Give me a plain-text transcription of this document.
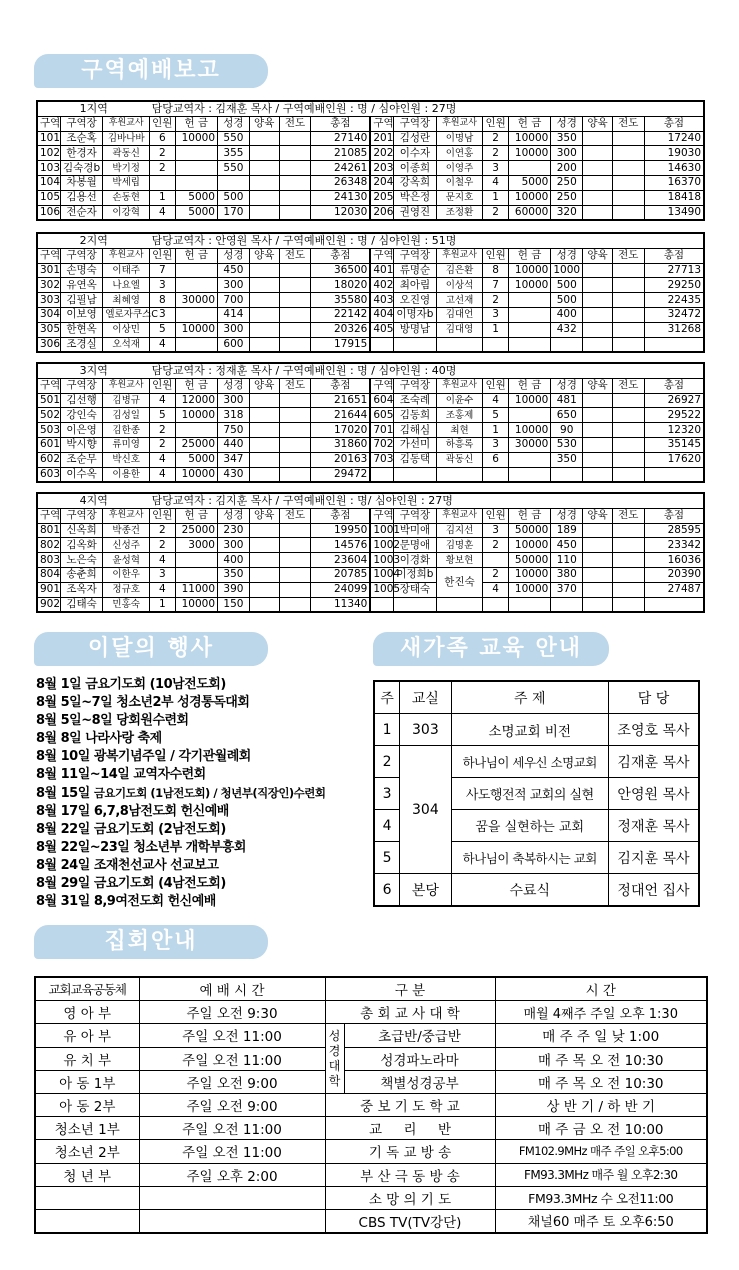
구역예배보고
이달의 행사	새가족 교육 안내
집회안내
1지역			담당교역자 : 김재훈 목사 / 구역예배인원 : 명 / 심야인원 : 27명														
구역	구역장	후원교사	인원	헌 금	성경	양육	전도	총점	구역	구역장	후원교사	인원	헌 금	성경	양육	전도	총점
101	조순혹	김바나바	6	10000	550			27140	201	김성란	이명남	2	10000	350			17240
102	한경자	곽동신	2		355			21085	202	이수자	이연홍	2	10000	300			19030
103	김숙경b	박기정	2		550			24261	203	이종희	이영주	3		200			14630
104	차봉월	박세립						26348	204	강옥희	이철우	4	5000	250			16370
105	김용선	손동현	1	5000	500			24130	205	박은정	문지호	1	10000	250			18418
106	전순자	이강혁	4	5000	170			12030	206	권영진	조정환	2	60000	320			13490
2지역			담당교역자 : 안영원 목사 / 구역예배인원 : 명 / 심야인원 : 51명														
구역	구역장	후원교사	인원	헌 금	성경	양육	전도	총점	구역	구역장	후원교사	인원	헌 금	성경	양육	전도	총점
301	손명숙	이태주	7		450			36500	401	류명순	김은환	8	10000	1000			27713
302	유연옥	나요엘	3		300			18020	402	최아림	이상석	7	10000	500			29250
303	김필남	최혜영	8	30000	700			35580	403	오진영	고선재	2		500			22435
304	이보영	엘로자쿠스C	3		414			22142	404	이명자b	김대언	3		400			32472
305	한현옥	이상민	5	10000	300			20326	405	방명남	김대영	1		432			31268
306	조경실	오석재	4		600			17915									
3지역			담당교역자 : 정재훈 목사 / 구역예배인원 : 명 / 심야인원 : 40명														
구역	구역장	후원교사	인원	헌 금	성경	양육	전도	총점	구역	구역장	후원교사	인원	헌 금	성경	양육	전도	총점
501	김선행	김병규	4	12000	300			21651	604	조숙례	이윤수	4	10000	481			26927
502	강인숙	김성일	5	10000	318			21644	605	김동희	조홍제	5		650			29522
503	이은영	김한종	2		750			17020	701	김해심	최현	1	10000	90			12320
601	박시향	류미영	2	25000	440			31860	702	가선미	하흥록	3	30000	530			35145
602	조순무	박신호	4	5000	347			20163	703	김동택	곽동신	6		350			17620
603	이수옥	이용한	4	10000	430			29472									
4지역			담당교역자 : 김지훈 목사 / 구역예배인원 : 명/ 심야인원 : 27명														
구역	구역장	후원교사	인원	헌 금	성경	양육	전도	총점	구역	구역장	후원교사	인원	헌 금	성경	양육	전도	총점
801	신옥희	박종건	2	25000	230			19950	1001	박미애	김지선	3	50000	189			28595
802	김옥화	신성주	2	3000	300			14576	1002	문명애	김명훈	2	10000	450			23342
803	노은숙	윤성혁	4		400			23604	1003	이경화	황보현		50000	110			16036
804	송춘희	이한우	3		350			20785	1004	이정희b	한진숙	2	10000	380			20390
901	조옥자	정규호	4	11000	390			24099	1005	장태숙		4	10000	370			27487
902	김태숙	민홍숙	1	10000	150			11340									
8월 1일 금요기도회 (10남전도회)
8월 5일~7일 청소년2부 성경통독대회
8월 5일~8일 당회원수련회
8월 8일 나라사랑 축제
8월 10일 광복기념주일 / 각기관월례회
8월 11일~14일 교역자수련회
8월 15일 금요기도회 (1남전도회) / 청년부(직장인)수련회
8월 17일 6,7,8남전도회 헌신예배
8월 22일 금요기도회 (2남전도회)
8월 22일~23일 청소년부 개학부흥회
8월 24일 조재천선교사 선교보고
8월 29일 금요기도회 (4남전도회)
8월 31일 8,9여전도회 헌신예배
주	교실	주 제	담 당
1	303	소명교회 비전	조영호 목사
2	304	하나님이 세우신 소명교회	김재훈 목사
3		사도행전적 교회의 실현	안영원 목사
4		꿈을 실현하는 교회	정재훈 목사
5		하나님이 축복하시는 교회	김지훈 목사
6	본당	수료식	정대언 집사
교회교육공동체	예 배 시 간	구 분		시 간
영 아 부	주일 오전 9:30	총 회 교 사 대 학		매월 4째주 주일 오후 1:30
유 아 부	주일 오전 11:00	성경대학	초급반/중급반	매 주 주 일 낮 1:00
유 치 부	주일 오전 11:00		성경파노라마	매 주 목 오 전 10:30
아 동 1부	주일 오전 9:00		책별성경공부	매 주 목 오 전 10:30
아 동 2부	주일 오전 9:00	중 보 기 도 학 교		상 반 기 / 하 반 기
청소년 1부	주일 오전 11:00	교     리     반		매 주 금 오 전 10:00
청소년 2부	주일 오전 11:00	기 독 교 방 송		FM102.9MHz 매주 주일 오후5:00
청 년 부	주일 오후 2:00	부 산 극 동 방 송		FM93.3MHz 매주 월 오후2:30
		소 망 의 기 도		FM93.3MHz 수 오전11:00
		CBS TV(TV강단)		채널60 매주 토 오후6:50
